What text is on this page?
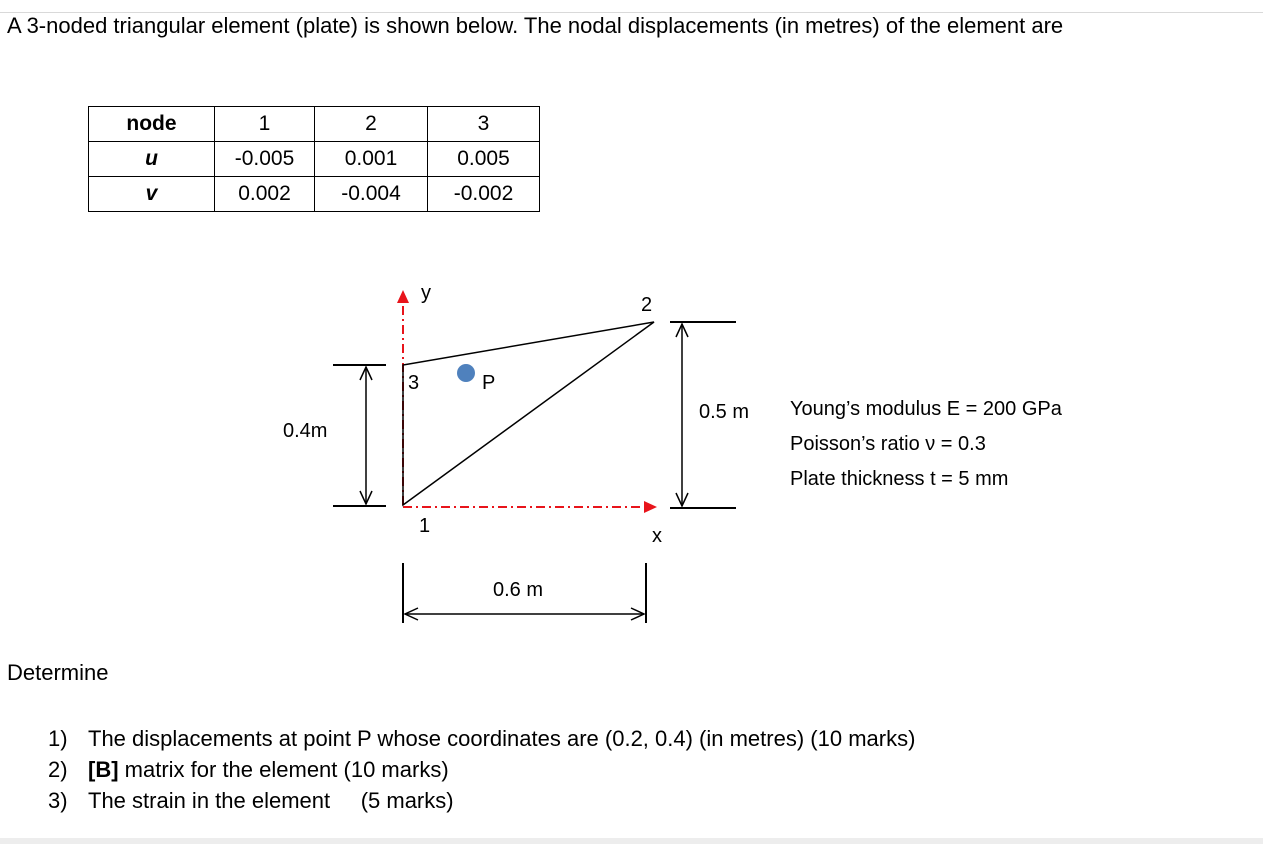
A 3-noded triangular element (plate) is shown below. The nodal displacements (in metres) of the element are
node	1	2	3
u	-0.005	0.001	0.005
v	0.002	-0.004	-0.002
y
x
2
3
1
P
0.4m
0.5 m
0.6 m
Young’s modulus E = 200 GPa
Poisson’s ratio ν = 0.3
Plate thickness t = 5 mm
Determine
1) The displacements at point P whose coordinates are (0.2, 0.4) (in metres) (10 marks)
2) [B] matrix for the element (10 marks)
3) The strain in the element     (5 marks)
